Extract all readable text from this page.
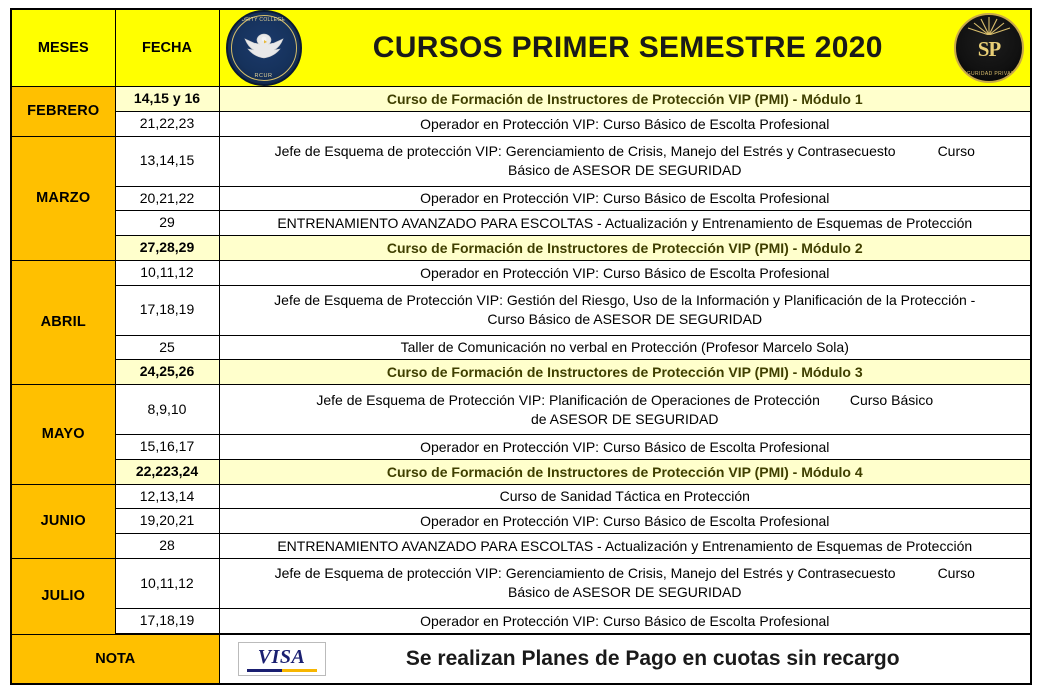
MESES	FECHA	SECURITY COLLEGE S.P.
RCUR
CURSOS PRIMER SEMESTRE 2020 SP
SEGURIDAD PRIVADA

FEBRERO	14,15 y 16	Curso de Formación de Instructores de Protección VIP (PMI) - Módulo 1
	21,22,23	Operador en Protección VIP: Curso Básico de Escolta Profesional
MARZO	13,14,15	Jefe de Esquema de protección VIP: Gerenciamiento de Crisis, Manejo del Estrés y Contrasecuesto Curso
Básico de ASESOR DE SEGURIDAD
	20,21,22	Operador en Protección VIP: Curso Básico de Escolta Profesional
	29	ENTRENAMIENTO AVANZADO PARA ESCOLTAS - Actualización y Entrenamiento de Esquemas de Protección
	27,28,29	Curso de Formación de Instructores de Protección VIP (PMI) - Módulo 2
ABRIL	10,11,12	Operador en Protección VIP: Curso Básico de Escolta Profesional
	17,18,19	Jefe de Esquema de Protección VIP: Gestión del Riesgo, Uso de la Información y Planificación de la Protección -
Curso Básico de ASESOR DE SEGURIDAD
	25	Taller de Comunicación no verbal en Protección (Profesor Marcelo Sola)
	24,25,26	Curso de Formación de Instructores de Protección VIP (PMI) - Módulo 3
MAYO	8,9,10	Jefe de Esquema de Protección VIP: Planificación de Operaciones de Protección Curso Básico
de ASESOR DE SEGURIDAD
	15,16,17	Operador en Protección VIP: Curso Básico de Escolta Profesional
	22,223,24	Curso de Formación de Instructores de Protección VIP (PMI) - Módulo 4
JUNIO	12,13,14	Curso de Sanidad Táctica en Protección
	19,20,21	Operador en Protección VIP: Curso Básico de Escolta Profesional
	28	ENTRENAMIENTO AVANZADO PARA ESCOLTAS - Actualización y Entrenamiento de Esquemas de Protección
JULIO	10,11,12	Jefe de Esquema de protección VIP: Gerenciamiento de Crisis, Manejo del Estrés y Contrasecuesto Curso
Básico de ASESOR DE SEGURIDAD
	17,18,19	Operador en Protección VIP: Curso Básico de Escolta Profesional

NOTA		VISA Se realizan Planes de Pago en cuotas sin recargo
